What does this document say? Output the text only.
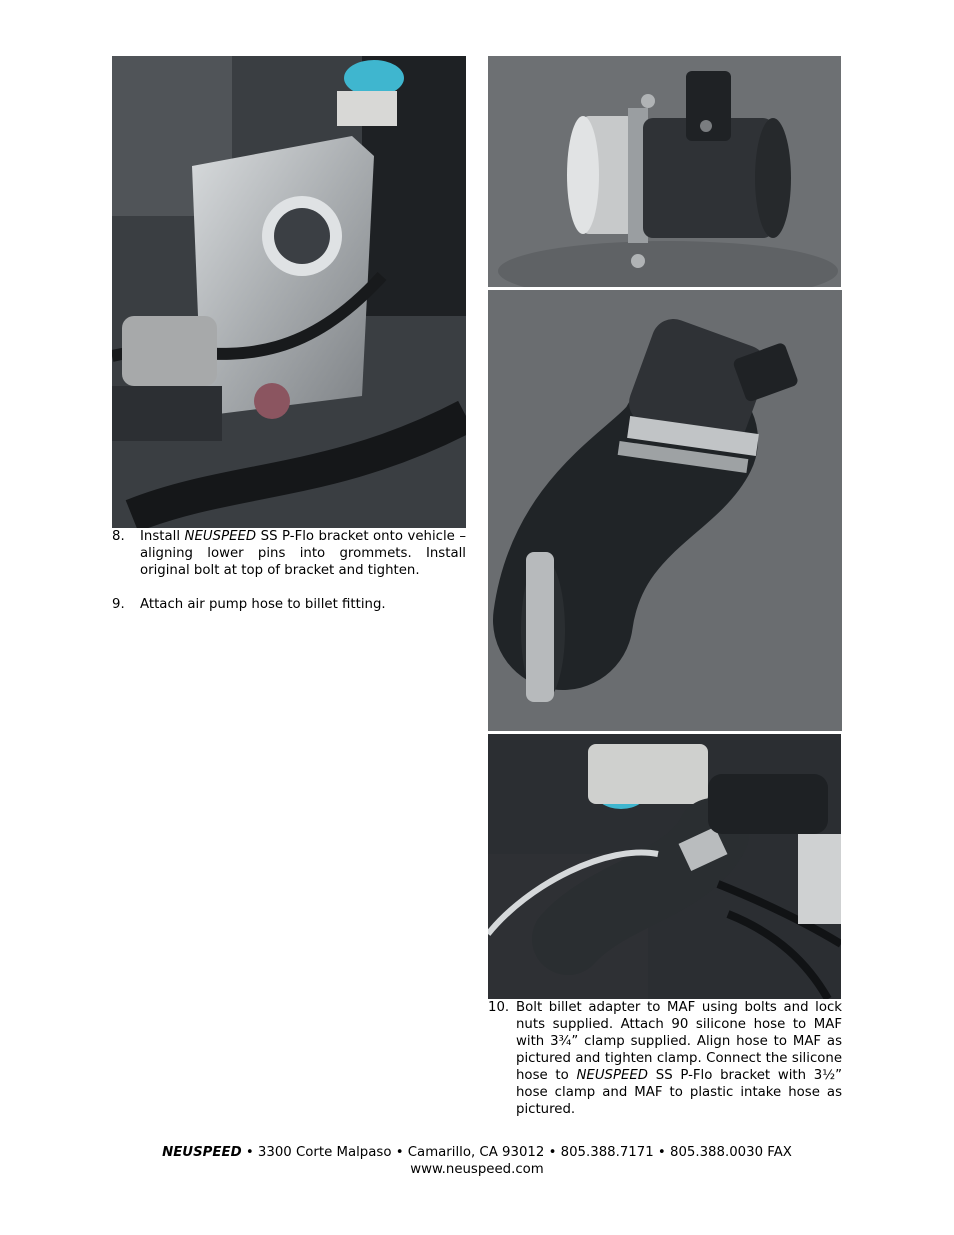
8.	Install NEUSPEED SS P-Flo bracket onto vehicle – aligning lower pins into grommets. Install original bolt at top of bracket and tighten.
9.	Attach air pump hose to billet fitting.
10. Bolt billet adapter to MAF using bolts and lock nuts supplied. Attach 90 silicone hose to MAF with 3¾” clamp supplied. Align hose to MAF as pictured and tighten clamp. Connect the silicone hose to NEUSPEED SS P-Flo bracket with 3½” hose clamp and MAF to plastic intake hose as pictured.
NEUSPEED • 3300 Corte Malpaso • Camarillo, CA 93012 • 805.388.7171 • 805.388.0030 FAX
www.neuspeed.com
